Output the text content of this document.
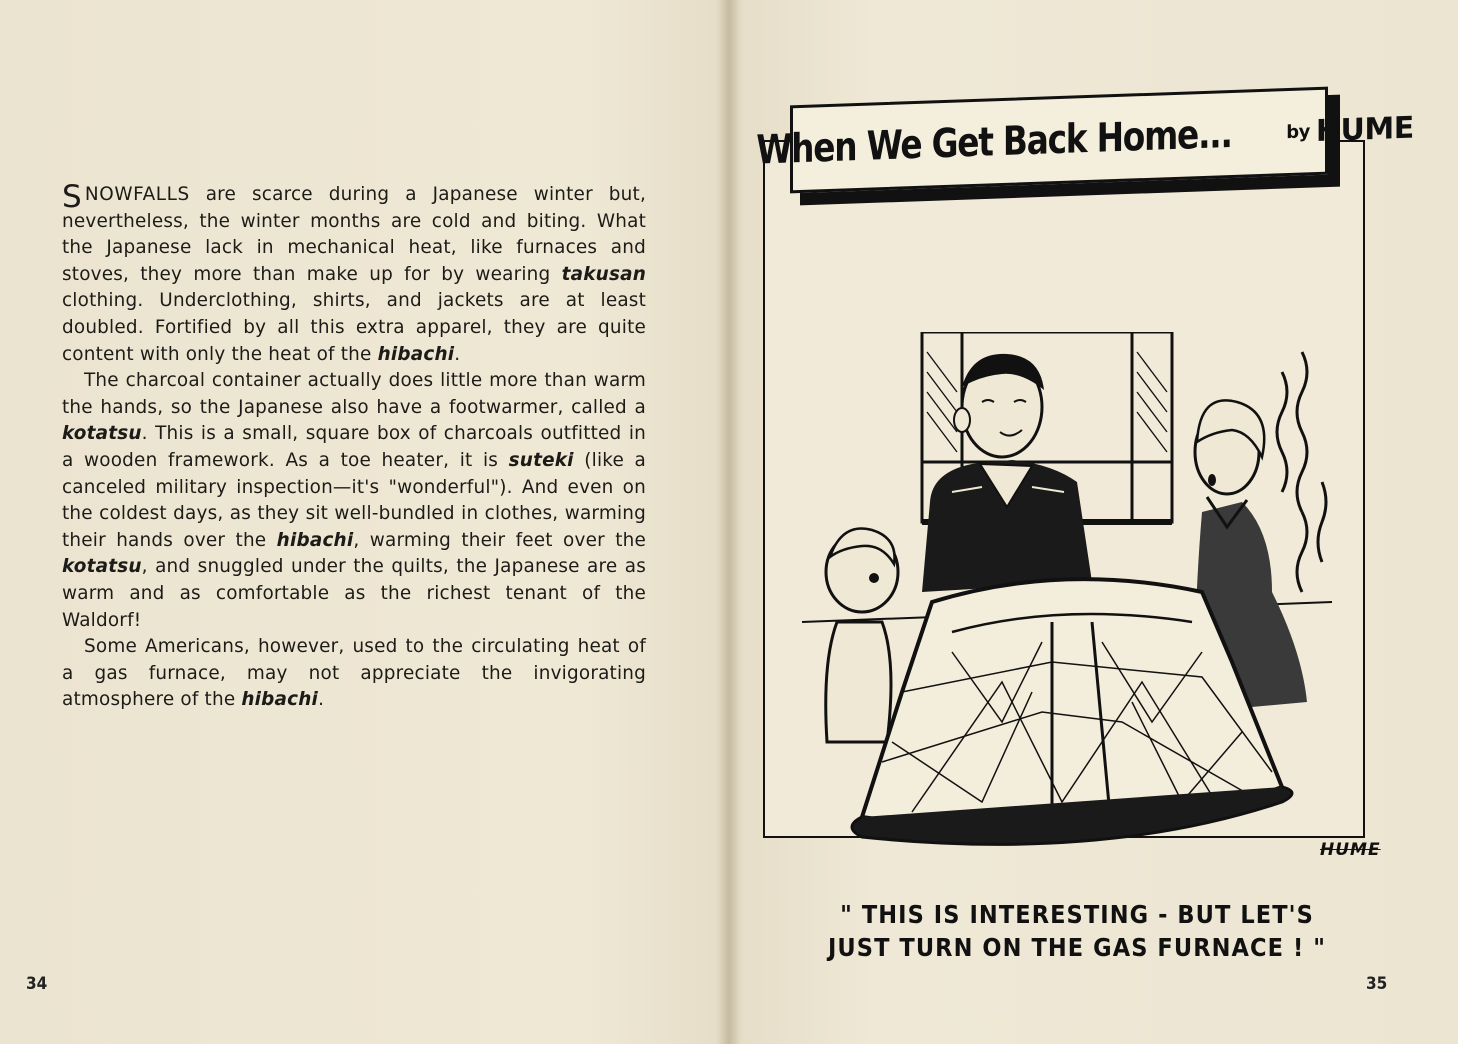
SNOWFALLS are scarce during a Japanese winter but, nevertheless, the winter months are cold and biting. What the Japanese lack in mechanical heat, like furnaces and stoves, they more than make up for by wearing takusan clothing. Underclothing, shirts, and jackets are at least doubled. Fortified by all this extra apparel, they are quite content with only the heat of the hibachi.

The charcoal container actually does little more than warm the hands, so the Japanese also have a footwarmer, called a kotatsu. This is a small, square box of charcoals outfitted in a wooden framework. As a toe heater, it is suteki (like a canceled military inspection—it's "wonderful"). And even on the coldest days, as they sit well-bundled in clothes, warming their hands over the hibachi, warming their feet over the kotatsu, and snuggled under the quilts, the Japanese are as warm and as comfortable as the richest tenant of the Waldorf!

Some Americans, however, used to the circulating heat of a gas furnace, may not appreciate the invigorating atmosphere of the hibachi.

34
HUME
" THIS IS INTERESTING - BUT LET'S JUST TURN ON THE GAS FURNACE ! "
When We Get Back Home...	by HUME
35
